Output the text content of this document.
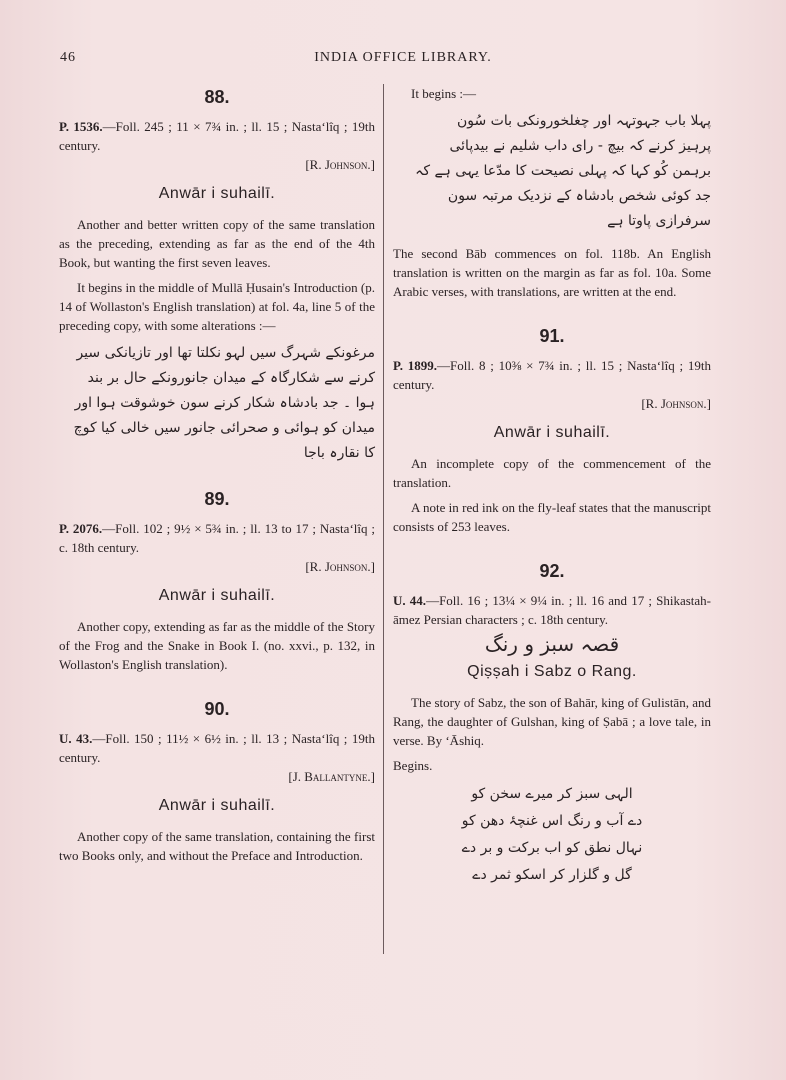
46	INDIA OFFICE LIBRARY.
88.

P. 1536.—Foll. 245 ; 11 × 7¾ in. ; ll. 15 ; Nastaʻlîq ; 19th century.

[R. Johnson.]
Anwār i suhailī.

Another and better written copy of the same translation as the preceding, extending as far as the end of the 4th Book, but wanting the first seven leaves.

It begins in the middle of Mullā Ḥusain's Introduction (p. 14 of Wollaston's English translation) at fol. 4a, line 5 of the preceding copy, with some alterations :—

مرغونکے شہرگ سیں لہو نکلتا تھا اور تازیانکی سیر
کرنے سے شکارگاہ کے میدان جانورونکے حال بر بند
ہوا ۔ جد بادشاہ شکار کرنے سون خوشوقت ہوا اور
میدان کو ہوائی و صحرائی جانور سیں خالی کیا کوچ
کا نقارہ باجا
89.

P. 2076.—Foll. 102 ; 9½ × 5¾ in. ; ll. 13 to 17 ; Nastaʻlîq ; c. 18th century.

[R. Johnson.]
Anwār i suhailī.

Another copy, extending as far as the middle of the Story of the Frog and the Snake in Book I. (no. xxvi., p. 132, in Wollaston's English translation).

90.

U. 43.—Foll. 150 ; 11½ × 6½ in. ; ll. 13 ; Nastaʻlîq ; 19th century.

[J. Ballantyne.]
Anwār i suhailī.

Another copy of the same translation, containing the first two Books only, and without the Preface and Introduction.

It begins :—

پہلا باب جہوتہہ اور چغلخورونکی بات سُون
پرہیز کرنے کہ بیچ - رای داب شلیم نے بیدپائی
برہمن کُو کہا کہ پہلی نصیحت کا مدّعا یہی ہے کہ
جد کوئی شخص بادشاہ کے نزدیک مرتبہ سون
سرفرازی پاوتا ہے

The second Bāb commences on fol. 118b. An English translation is written on the margin as far as fol. 10a. Some Arabic verses, with translations, are written at the end.

91.

P. 1899.—Foll. 8 ; 10⅜ × 7¾ in. ; ll. 15 ; Nastaʻlîq ; 19th century.

[R. Johnson.]
Anwār i suhailī.

An incomplete copy of the commencement of the translation.

A note in red ink on the fly-leaf states that the manuscript consists of 253 leaves.

92.

U. 44.—Foll. 16 ; 13¼ × 9¼ in. ; ll. 16 and 17 ; Shikastah-āmez Persian characters ; c. 18th century.

قصہ سبز و رنگ
Qiṣṣah i Sabz o Rang.

The story of Sabz, the son of Bahār, king of Gulistān, and Rang, the daughter of Gulshan, king of Ṣabā ; a love tale, in verse. By ʻĀshiq.

Begins.

الہی سبز کر میرے سخن کو
دے آب و رنگ اس غنچۂ دھن کو
نہال نطق کو اب برکت و بر دے
گل و گلزار کر اسکو ثمر دے
